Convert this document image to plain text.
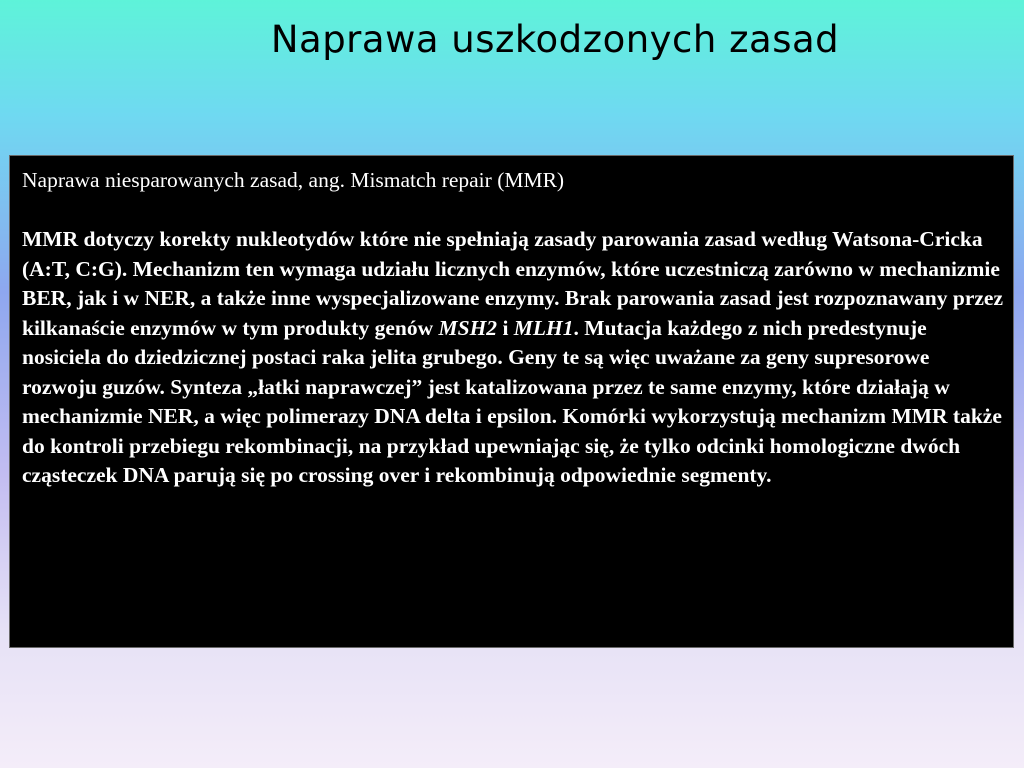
Naprawa uszkodzonych zasad

Naprawa niesparowanych zasad, ang. Mismatch repair (MMR)

MMR dotyczy korekty nukleotydów które nie spełniają zasady parowania zasad według Watsona-Cricka (A:T, C:G). Mechanizm ten wymaga udziału licznych enzymów, które uczestniczą zarówno w mechanizmie BER, jak i w NER, a także inne wyspecjalizowane enzymy. Brak parowania zasad jest rozpoznawany przez kilkanaście enzymów w tym produkty genów MSH2 i MLH1. Mutacja każdego z nich predestynuje nosiciela do dziedzicznej postaci raka jelita grubego. Geny te są więc uważane za geny supresorowe rozwoju guzów. Synteza „łatki naprawczej” jest katalizowana przez te same enzymy, które działają w mechanizmie NER, a więc polimerazy DNA delta i epsilon. Komórki wykorzystują mechanizm MMR także do kontroli przebiegu rekombinacji, na przykład upewniając się, że tylko odcinki homologiczne dwóch cząsteczek DNA parują się po crossing over i rekombinują odpowiednie segmenty.
